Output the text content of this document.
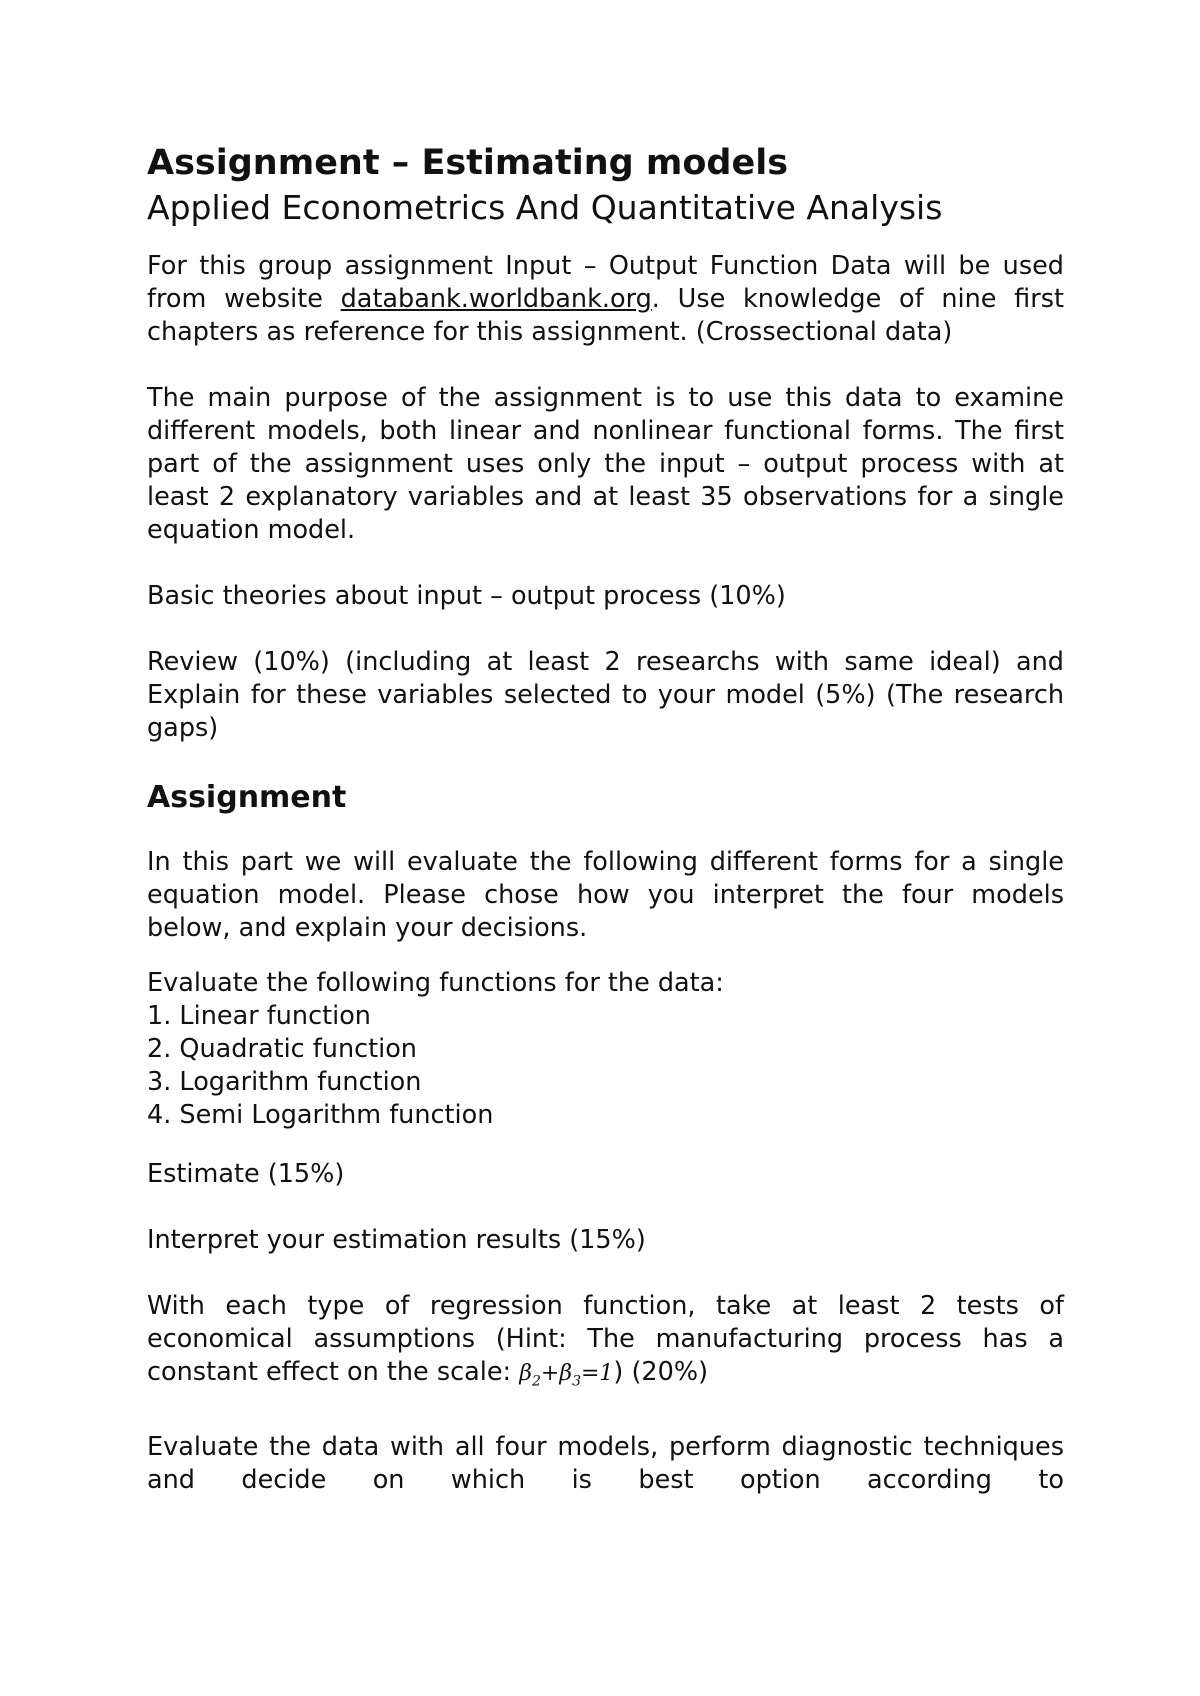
Assignment – Estimating models
Applied Econometrics And Quantitative Analysis

For this group assignment Input – Output Function Data will be used from website databank.worldbank.org. Use knowledge of nine first chapters as reference for this assignment. (Crossectional data)

The main purpose of the assignment is to use this data to examine different models, both linear and nonlinear functional forms. The first part of the assignment uses only the input – output process with at least 2 explanatory variables and at least 35 observations for a single equation model.

Basic theories about input – output process (10%)

Review (10%) (including at least 2 researchs with same ideal) and Explain for these variables selected to your model (5%) (The research gaps)

Assignment

In this part we will evaluate the following different forms for a single equation model. Please chose how you interpret the four models below, and explain your decisions.

Evaluate the following functions for the data:
1. Linear function
2. Quadratic function
3. Logarithm function
4. Semi Logarithm function

Estimate (15%)

Interpret your estimation results (15%)

With each type of regression function, take at least 2 tests of economical assumptions (Hint: The manufacturing process has a constant effect on the scale: $\beta_2+\beta_3=1$) (20%)

Evaluate the data with all four models, perform diagnostic techniques and decide on which is best option according to
